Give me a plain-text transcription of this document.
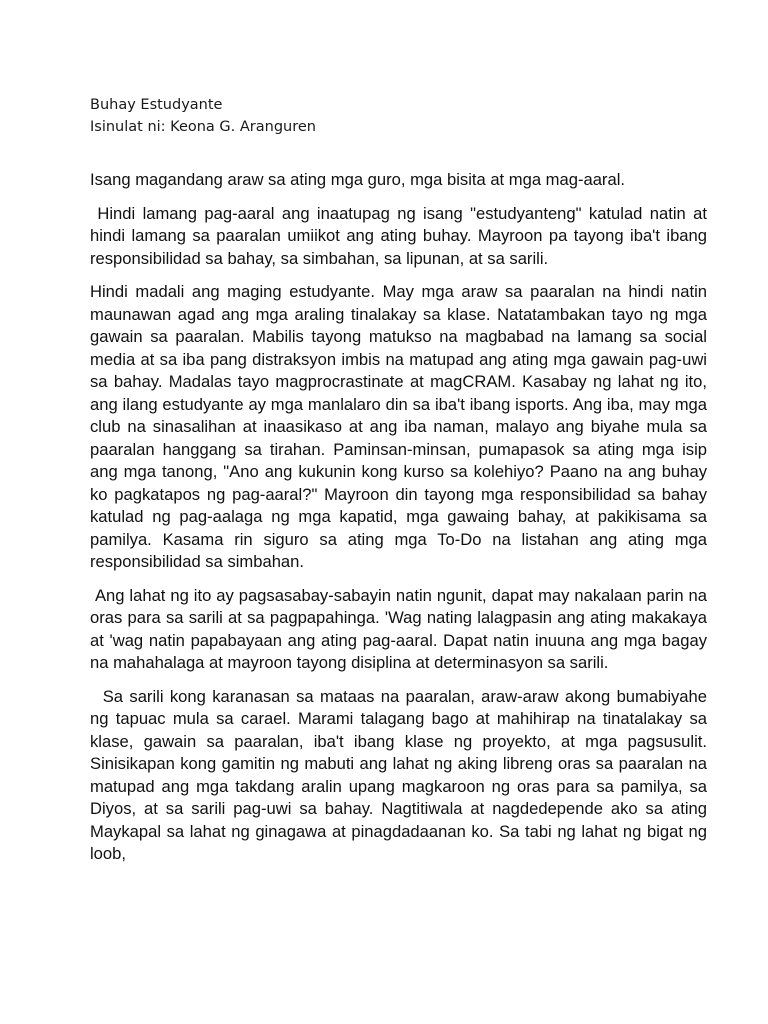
Buhay Estudyante
Isinulat ni: Keona G. Aranguren

Isang magandang araw sa ating mga guro, mga bisita at mga mag-aaral.

Hindi lamang pag-aaral ang inaatupag ng isang "estudyanteng" katulad natin at hindi lamang sa paaralan umiikot ang ating buhay. Mayroon pa tayong iba't ibang responsibilidad sa bahay, sa simbahan, sa lipunan, at sa sarili.

Hindi madali ang maging estudyante. May mga araw sa paaralan na hindi natin maunawan agad ang mga araling tinalakay sa klase. Natatambakan tayo ng mga gawain sa paaralan. Mabilis tayong matukso na magbabad na lamang sa social media at sa iba pang distraksyon imbis na matupad ang ating mga gawain pag-uwi sa bahay. Madalas tayo magprocrastinate at magCRAM. Kasabay ng lahat ng ito, ang ilang estudyante ay mga manlalaro din sa iba't ibang isports. Ang iba, may mga club na sinasalihan at inaasikaso at ang iba naman, malayo ang biyahe mula sa paaralan hanggang sa tirahan. Paminsan-minsan, pumapasok sa ating mga isip ang mga tanong, "Ano ang kukunin kong kurso sa kolehiyo? Paano na ang buhay ko pagkatapos ng pag-aaral?" Mayroon din tayong mga responsibilidad sa bahay katulad ng pag-aalaga ng mga kapatid, mga gawaing bahay, at pakikisama sa pamilya. Kasama rin siguro sa ating mga To-Do na listahan ang ating mga responsibilidad sa simbahan.

Ang lahat ng ito ay pagsasabay-sabayin natin ngunit, dapat may nakalaan parin na oras para sa sarili at sa pagpapahinga. 'Wag nating lalagpasin ang ating makakaya at 'wag natin papabayaan ang ating pag-aaral. Dapat natin inuuna ang mga bagay na mahahalaga at mayroon tayong disiplina at determinasyon sa sarili.

Sa sarili kong karanasan sa mataas na paaralan, araw-araw akong bumabiyahe ng tapuac mula sa carael. Marami talagang bago at mahihirap na tinatalakay sa klase, gawain sa paaralan, iba't ibang klase ng proyekto, at mga pagsusulit. Sinisikapan kong gamitin ng mabuti ang lahat ng aking libreng oras sa paaralan na matupad ang mga takdang aralin upang magkaroon ng oras para sa pamilya, sa Diyos, at sa sarili pag-uwi sa bahay. Nagtitiwala at nagdedepende ako sa ating Maykapal sa lahat ng ginagawa at pinagdadaanan ko. Sa tabi ng lahat ng bigat ng loob,
